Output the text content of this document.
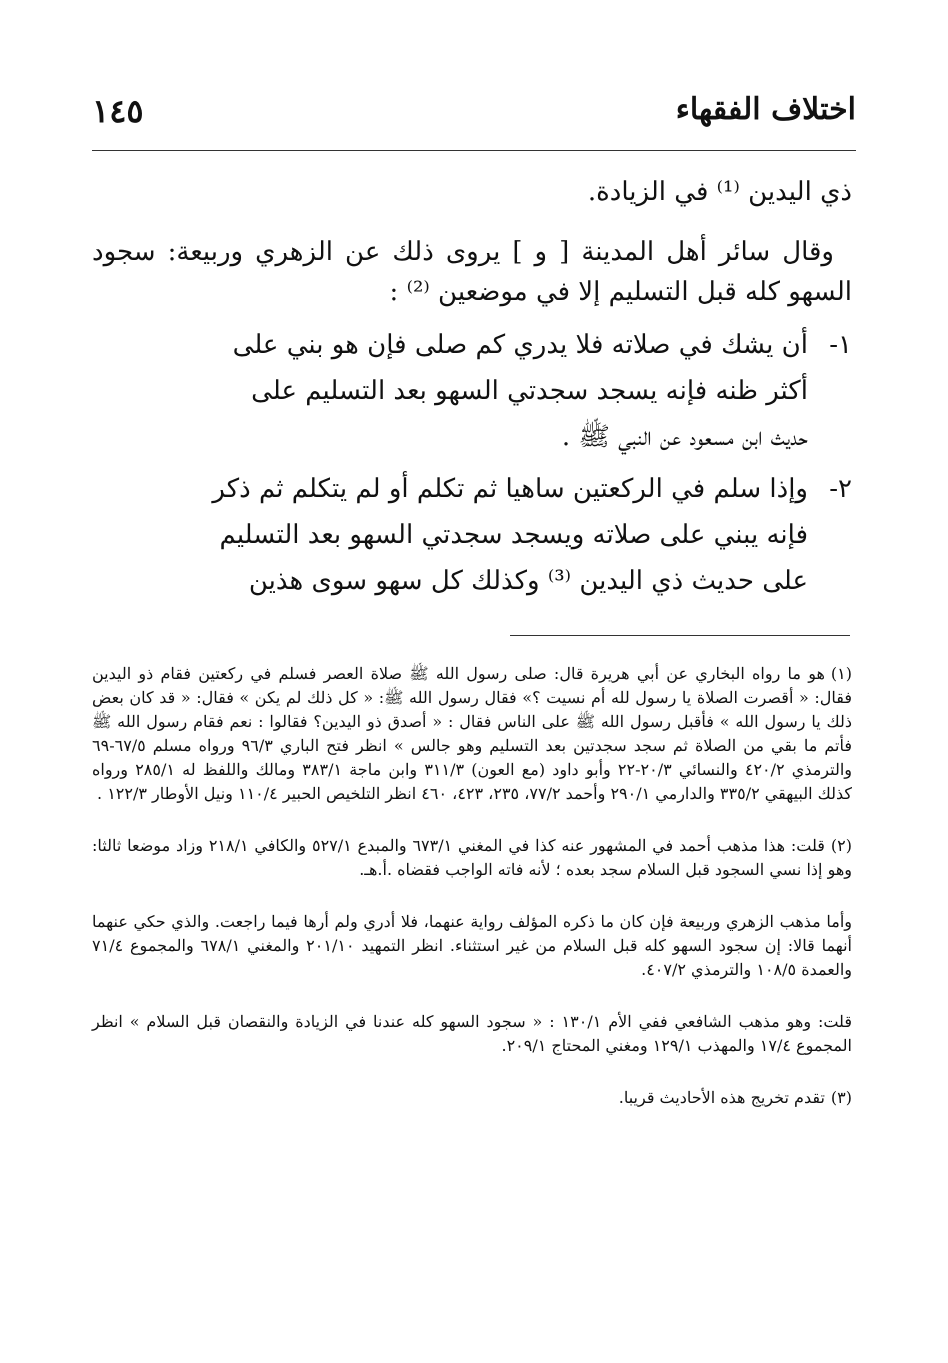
اختلاف الفقهاء
١٤٥

ذي اليدين ⁽¹⁾ في الزيادة.

وقال سائر أهل المدينة [ و ] يروى ذلك عن الزهري وربيعة: سجود السهو كله قبل التسليم إلا في موضعين ⁽²⁾ :

١-
أن يشك في صلاته فلا يدري كم صلى فإن هو بني على
أكثر ظنه فإنه يسجد سجدتي السهو بعد التسليم على
حديث ابن مسعود عن النبي ﷺ .
٢-
وإذا سلم في الركعتين ساهيا ثم تكلم أو لم يتكلم ثم ذكر
فإنه يبني على صلاته ويسجد سجدتي السهو بعد التسليم
على حديث ذي اليدين ⁽³⁾ وكذلك كل سهو سوى هذين

(١)هو ما رواه البخاري عن أبي هريرة قال: صلى رسول الله ﷺ صلاة العصر فسلم في ركعتين فقام ذو اليدين فقال: « أقصرت الصلاة يا رسول لله أم نسيت ؟» فقال رسول الله ﷺ: « كل ذلك لم يكن » فقال: « قد كان بعض ذلك يا رسول الله » فأقبل رسول الله ﷺ على الناس فقال : « أصدق ذو اليدين؟ فقالوا : نعم فقام رسول الله ﷺ فأتم ما بقي من الصلاة ثم سجد سجدتين بعد التسليم وهو جالس » انظر فتح الباري ٩٦/٣ ورواه مسلم ٦٧/٥-٦٩ والترمذي ٤٢٠/٢ والنسائي ٢٠/٣-٢٢ وأبو داود (مع العون) ٣١١/٣ وابن ماجة ٣٨٣/١ ومالك واللفظ له ٢٨٥/١ ورواه كذلك البيهقي ٣٣٥/٢ والدارمي ٢٩٠/١ وأحمد ٧٧/٢، ٢٣٥، ٤٢٣، ٤٦٠ انظر التلخيص الحبير ١١٠/٤ ونيل الأوطار ١٢٢/٣ .

(٢)قلت: هذا مذهب أحمد في المشهور عنه كذا في المغني ٦٧٣/١ والمبدع ٥٢٧/١ والكافي ٢١٨/١ وزاد موضعا ثالثا: وهو إذا نسي السجود قبل السلام سجد بعده ؛ لأنه فاته الواجب فقضاه .أ.هـ.

وأما مذهب الزهري وربيعة فإن كان ما ذكره المؤلف رواية عنهما، فلا أدري ولم أرها فيما راجعت. والذي حكي عنهما أنهما قالا: إن سجود السهو كله قبل السلام من غير استثناء. انظر التمهيد ٢٠١/١٠ والمغني ٦٧٨/١ والمجموع ٧١/٤ والعمدة ١٠٨/٥ والترمذي ٤٠٧/٢.

قلت: وهو مذهب الشافعي ففي الأم ١٣٠/١ : « سجود السهو كله عندنا في الزيادة والنقصان قبل السلام » انظر المجموع ١٧/٤ والمهذب ١٢٩/١ ومغني المحتاج ٢٠٩/١.

(٣)تقدم تخريج هذه الأحاديث قريبا.
